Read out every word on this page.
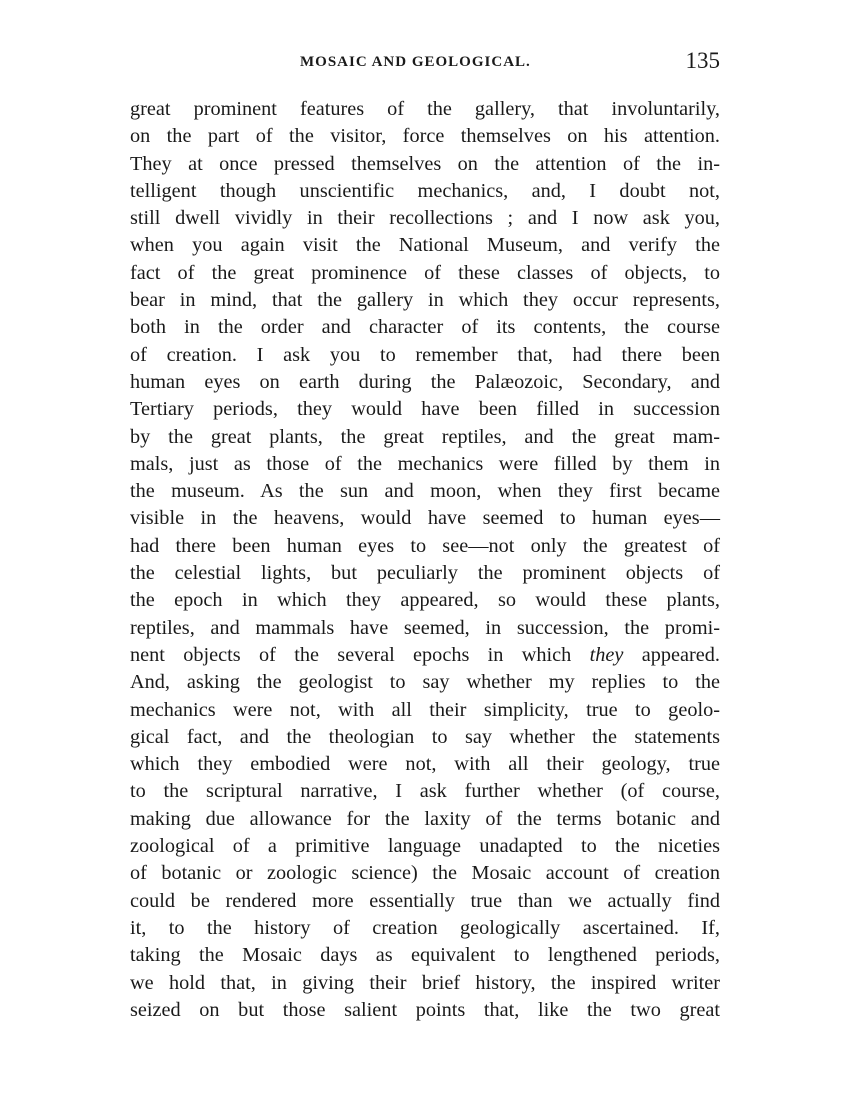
MOSAIC AND GEOLOGICAL.	135
great prominent features of the gallery, that involuntarily,
on the part of the visitor, force themselves on his attention.
They at once pressed themselves on the attention of the in-
telligent though unscientific mechanics, and, I doubt not,
still dwell vividly in their recollections ; and I now ask you,
when you again visit the National Museum, and verify the
fact of the great prominence of these classes of objects, to
bear in mind, that the gallery in which they occur represents,
both in the order and character of its contents, the course
of creation. I ask you to remember that, had there been
human eyes on earth during the Palæozoic, Secondary, and
Tertiary periods, they would have been filled in succession
by the great plants, the great reptiles, and the great mam-
mals, just as those of the mechanics were filled by them in
the museum. As the sun and moon, when they first became
visible in the heavens, would have seemed to human eyes—
had there been human eyes to see—not only the greatest of
the celestial lights, but peculiarly the prominent objects of
the epoch in which they appeared, so would these plants,
reptiles, and mammals have seemed, in succession, the promi-
nent objects of the several epochs in which they appeared.
And, asking the geologist to say whether my replies to the
mechanics were not, with all their simplicity, true to geolo-
gical fact, and the theologian to say whether the statements
which they embodied were not, with all their geology, true
to the scriptural narrative, I ask further whether (of course,
making due allowance for the laxity of the terms botanic and
zoological of a primitive language unadapted to the niceties
of botanic or zoologic science) the Mosaic account of creation
could be rendered more essentially true than we actually find
it, to the history of creation geologically ascertained. If,
taking the Mosaic days as equivalent to lengthened periods,
we hold that, in giving their brief history, the inspired writer
seized on but those salient points that, like the two great
